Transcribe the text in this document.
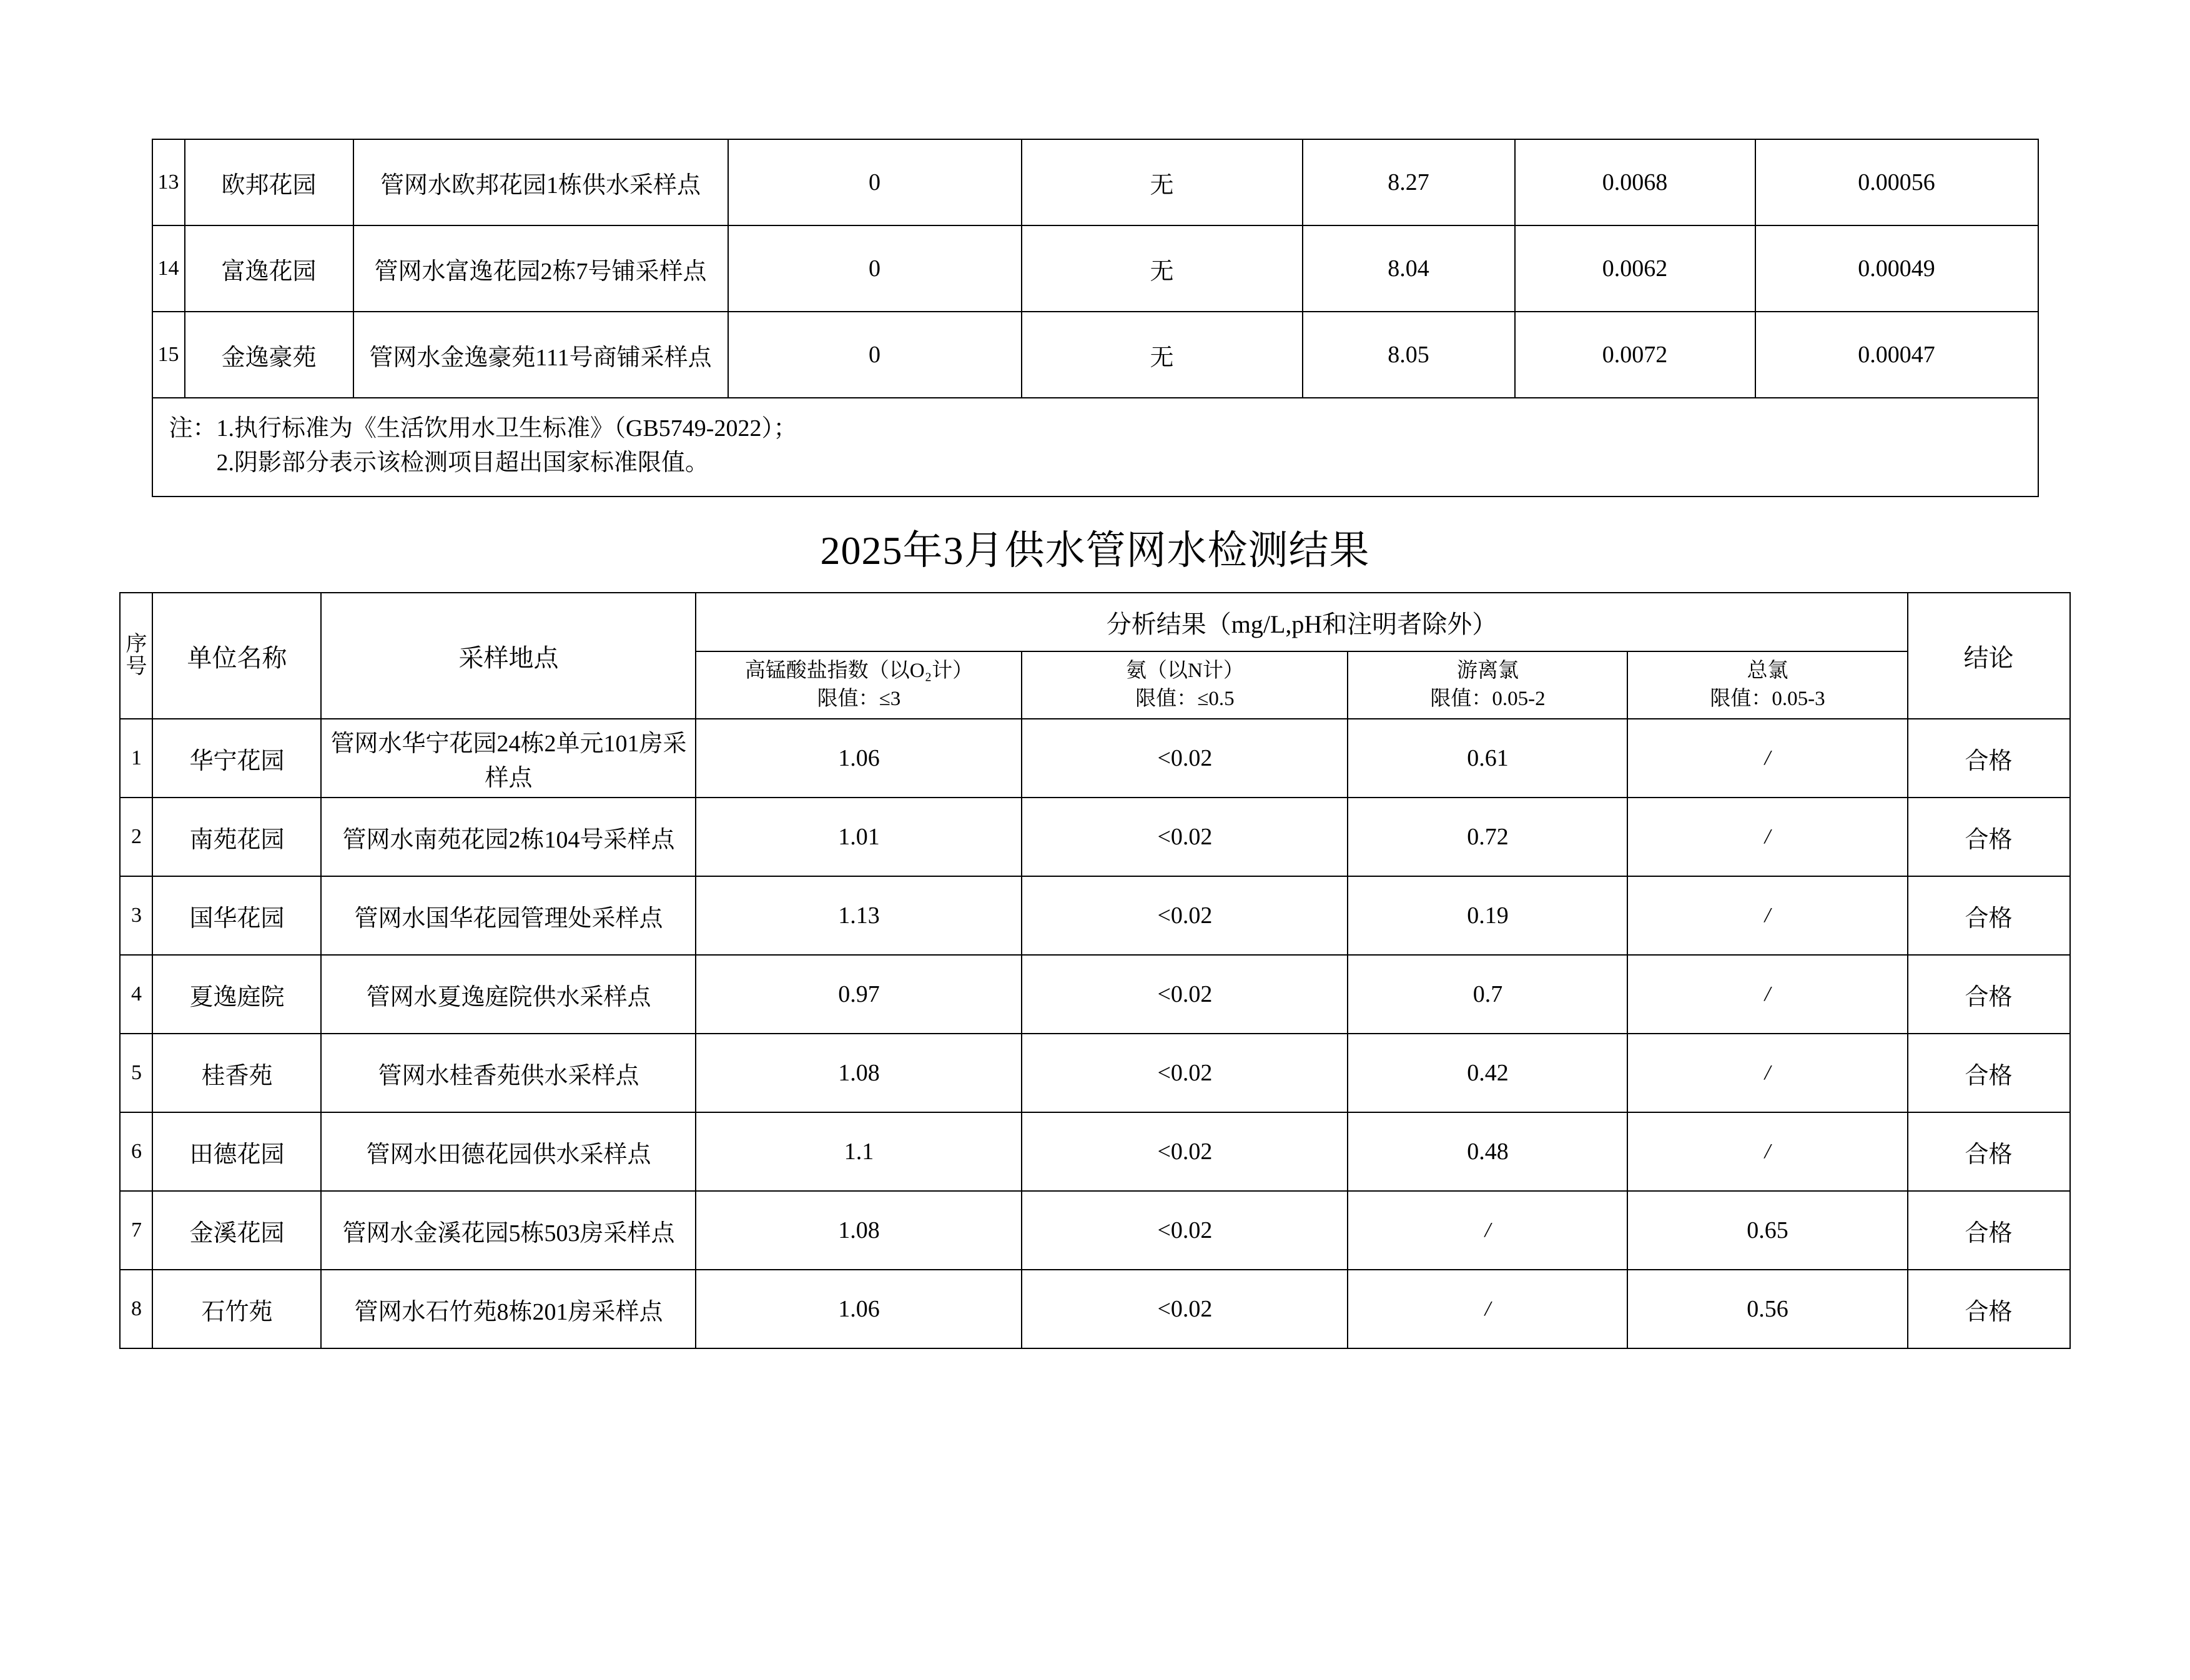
13	欧邦花园	管网水欧邦花园1栋供水采样点	0	无	8.27	0.0068	0.00056
14	富逸花园	管网水富逸花园2栋7号铺采样点	0	无	8.04	0.0062	0.00049
15	金逸豪苑	管网水金逸豪苑111号商铺采样点	0	无	8.05	0.0072	0.00047

注：1.执行标准为《生活饮用水卫生标准》（GB5749-2022）；
　　2.阴影部分表示该检测项目超出国家标准限值。							
2025年3月供水管网水检测结果
序
号	单位名称	采样地点	分析结果（mg/L,pH和注明者除外）				结论

			高锰酸盐指数（以O₂计）
限值：≤3	氨（以N计）
限值：≤0.5	游离氯
限值：0.05-2	总氯
限值：0.05-3	

1	华宁花园	管网水华宁花园24栋2单元101房采样点	1.06	<0.02	0.61	/	合格
2	南苑花园	管网水南苑花园2栋104号采样点	1.01	<0.02	0.72	/	合格
3	国华花园	管网水国华花园管理处采样点	1.13	<0.02	0.19	/	合格
4	夏逸庭院	管网水夏逸庭院供水采样点	0.97	<0.02	0.7	/	合格
5	桂香苑	管网水桂香苑供水采样点	1.08	<0.02	0.42	/	合格
6	田德花园	管网水田德花园供水采样点	1.1	<0.02	0.48	/	合格
7	金溪花园	管网水金溪花园5栋503房采样点	1.08	<0.02	/	0.65	合格
8	石竹苑	管网水石竹苑8栋201房采样点	1.06	<0.02	/	0.56	合格
